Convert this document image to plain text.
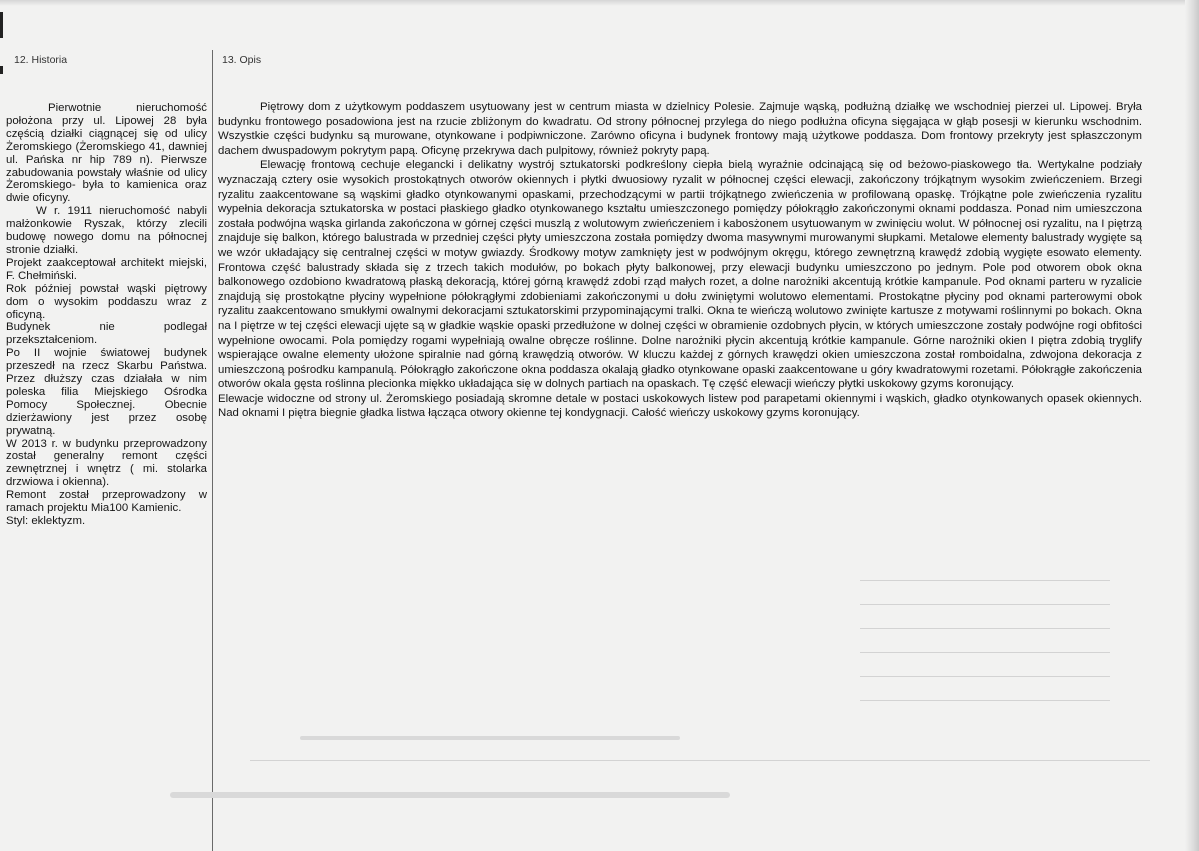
12. Historia	13. Opis

Pierwotnie nieruchomość położona przy ul. Lipowej 28 była częścią działki ciągnącej się od ulicy Żeromskiego (Żeromskiego 41, dawniej ul. Pańska nr hip 789 n). Pierwsze zabudowania powstały właśnie od ulicy Żeromskiego- była to kamienica oraz dwie oficyny.

W r. 1911 nieruchomość nabyli małżonkowie Ryszak, którzy zlecili budowę nowego domu na północnej stronie działki.

Projekt zaakceptował architekt miejski, F. Chełmiński.

Rok później powstał wąski piętrowy dom o wysokim poddaszu wraz z oficyną.

Budynek nie podlegał przekształceniom.

Po II wojnie światowej budynek przeszedł na rzecz Skarbu Państwa. Przez dłuższy czas działała w nim poleska filia Miejskiego Ośrodka Pomocy Społecznej. Obecnie dzierżawiony jest przez osobę prywatną.

W 2013 r. w budynku przeprowadzony został generalny remont części zewnętrznej i wnętrz ( mi. stolarka drzwiowa i okienna).

Remont został przeprowadzony w ramach projektu Mia100 Kamienic.

Styl: eklektyzm.

Piętrowy dom z użytkowym poddaszem usytuowany jest w centrum miasta w dzielnicy Polesie. Zajmuje wąską, podłużną działkę we wschodniej pierzei ul. Lipowej. Bryła budynku frontowego posadowiona jest na rzucie zbliżonym do kwadratu. Od strony północnej przylega do niego podłużna oficyna sięgająca w głąb posesji w kierunku wschodnim. Wszystkie części budynku są murowane, otynkowane i podpiwniczone. Zarówno oficyna i budynek frontowy mają użytkowe poddasza. Dom frontowy przekryty jest spłaszczonym dachem dwuspadowym pokrytym papą. Oficynę przekrywa dach pulpitowy, również pokryty papą.

Elewację frontową cechuje elegancki i delikatny wystrój sztukatorski podkreślony ciepła bielą wyraźnie odcinającą się od beżowo-piaskowego tła. Wertykalne podziały wyznaczają cztery osie wysokich prostokątnych otworów okiennych i płytki dwuosiowy ryzalit w północnej części elewacji, zakończony trójkątnym wysokim zwieńczeniem. Brzegi ryzalitu zaakcentowane są wąskimi gładko otynkowanymi opaskami, przechodzącymi w partii trójkątnego zwieńczenia w profilowaną opaskę. Trójkątne pole zwieńczenia ryzalitu wypełnia dekoracja sztukatorska w postaci płaskiego gładko otynkowanego kształtu umieszczonego pomiędzy półokrągło zakończonymi oknami poddasza. Ponad nim umieszczona została podwójna wąska girlanda zakończona w górnej części muszlą z wolutowym zwieńczeniem i kabosżonem usytuowanym w zwinięciu wolut. W północnej osi ryzalitu, na I piętrzą znajduje się balkon, którego balustrada w przedniej części płyty umieszczona została pomiędzy dwoma masywnymi murowanymi słupkami. Metalowe elementy balustrady wygięte są we wzór układający się centralnej części w motyw gwiazdy. Środkowy motyw zamknięty jest w podwójnym okręgu, którego zewnętrzną krawędź zdobią wygięte esowato elementy. Frontowa część balustrady składa się z trzech takich modułów, po bokach płyty balkonowej, przy elewacji budynku umieszczono po jednym. Pole pod otworem obok okna balkonowego ozdobiono kwadratową płaską dekoracją, której górną krawędź zdobi rząd małych rozet, a dolne narożniki akcentują krótkie kampanule. Pod oknami parteru w ryzalicie znajdują się prostokątne płyciny wypełnione półokrągłymi zdobieniami zakończonymi u dołu zwiniętymi wolutowo elementami. Prostokątne płyciny pod oknami parterowymi obok ryzalitu zaakcentowano smukłymi owalnymi dekoracjami sztukatorskimi przypominającymi tralki. Okna te wieńczą wolutowo zwinięte kartusze z motywami roślinnymi po bokach. Okna na I piętrze w tej części elewacji ujęte są w gładkie wąskie opaski przedłużone w dolnej części w obramienie ozdobnych płycin, w których umieszczone zostały podwójne rogi obfitości wypełnione owocami. Pola pomiędzy rogami wypełniają owalne obręcze roślinne. Dolne narożniki płycin akcentują krótkie kampanule. Górne narożniki okien I piętra zdobią tryglify wspierające owalne elementy ułożone spiralnie nad górną krawędzią otworów. W kluczu każdej z górnych krawędzi okien umieszczona został romboidalna, zdwojona dekoracja z umieszczoną pośrodku kampanulą. Półokrągło zakończone okna poddasza okalają gładko otynkowane opaski zaakcentowane u góry kwadratowymi rozetami. Półokrągłe zakończenia otworów okala gęsta roślinna plecionka miękko układająca się w dolnych partiach na opaskach. Tę część elewacji wieńczy płytki uskokowy gzyms koronujący.

Elewacje widoczne od strony ul. Żeromskiego posiadają skromne detale w postaci uskokowych listew pod parapetami okiennymi i wąskich, gładko otynkowanych opasek okiennych. Nad oknami I piętra biegnie gładka listwa łącząca otwory okienne tej kondygnacji. Całość wieńczy uskokowy gzyms koronujący.
